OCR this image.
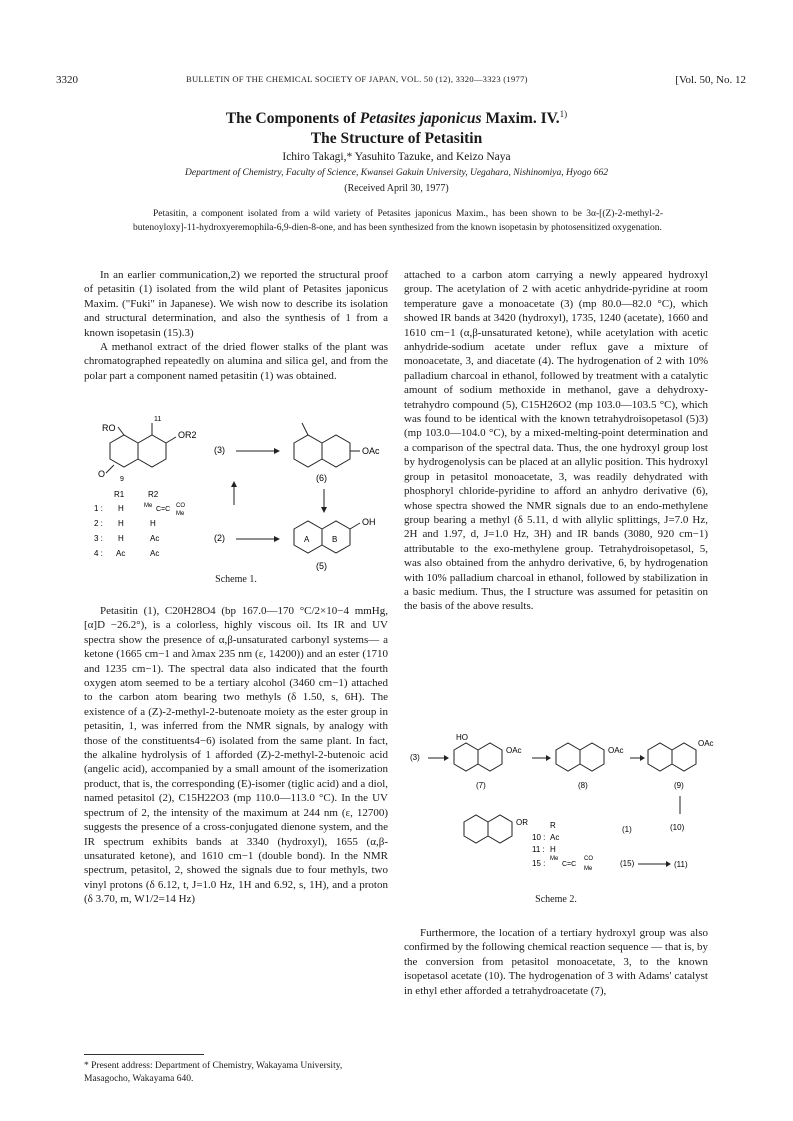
3320	BULLETIN OF THE CHEMICAL SOCIETY OF JAPAN, VOL. 50 (12), 3320—3323 (1977)	[Vol. 50, No. 12
The Components of Petasites japonicus Maxim. IV.$^{1)}$
The Structure of Petasitin
Ichiro Takagi,* Yasuhito Tazuke, and Keizo Naya
Department of Chemistry, Faculty of Science, Kwansei Gakuin University, Uegahara, Nishinomiya, Hyogo 662
(Received April 30, 1977)
Petasitin, a component isolated from a wild variety of Petasites japonicus Maxim., has been shown to be 3α-[(Z)-2-methyl-2-butenoyloxy]-11-hydroxyeremophila-6,9-dien-8-one, and has been synthesized from the known isopetasin by photosensitized oxygenation.

In an earlier communication,2) we reported the structural proof of petasitin (1) isolated from the wild plant of Petasites japonicus Maxim. ("Fuki" in Japanese). We wish now to describe its isolation and structural determination, and also the synthesis of 1 from a known isopetasin (15).3)

A methanol extract of the dried flower stalks of the plant was chromatographed repeatedly on alumina and silica gel, and from the polar part a component named petasitin (1) was obtained.

RO
OR2
O
11
9
(3)	OAc
(6)
OH
A	B
(5)
(2)
R1	R2
1 : H	Me C=C CO
Me
2 : H	H
3 : H	Ac
4 : Ac	Ac
Scheme 1.

Petasitin (1), C20H28O4 (bp 167.0—170 °C/2×10−4 mmHg, [α]D −26.2°), is a colorless, highly viscous oil. Its IR and UV spectra show the presence of α,β-unsaturated carbonyl systems— a ketone (1665 cm−1 and λmax 235 nm (ε, 14200)) and an ester (1710 and 1235 cm−1). The spectral data also indicated that the fourth oxygen atom seemed to be a tertiary alcohol (3460 cm−1) attached to the carbon atom bearing two methyls (δ 1.50, s, 6H). The existence of a (Z)-2-methyl-2-butenoate moiety as the ester group in petasitin, 1, was inferred from the NMR signals, by analogy with those of the constituents4−6) isolated from the same plant. In fact, the alkaline hydrolysis of 1 afforded (Z)-2-methyl-2-butenoic acid (angelic acid), accompanied by a small amount of the isomerization product, that is, the corresponding (E)-isomer (tiglic acid) and a diol, named petasitol (2), C15H22O3 (mp 110.0—113.0 °C). In the UV spectrum of 2, the intensity of the maximum at 244 nm (ε, 12700) suggests the presence of a cross-conjugated dienone system, and the IR spectrum exhibits bands at 3340 (hydroxyl), 1655 (α,β-unsaturated ketone), and 1610 cm−1 (double bond). In the NMR spectrum, petasitol, 2, showed the signals due to four methyls, two vinyl protons (δ 6.12, t, J=1.0 Hz, 1H and 6.92, s, 1H), and a proton (δ 3.70, m, W1/2=14 Hz)

* Present address: Department of Chemistry, Wakayama University, Masagocho, Wakayama 640.

attached to a carbon atom carrying a newly appeared hydroxyl group. The acetylation of 2 with acetic anhydride-pyridine at room temperature gave a monoacetate (3) (mp 80.0—82.0 °C), which showed IR bands at 3420 (hydroxyl), 1735, 1240 (acetate), 1660 and 1610 cm−1 (α,β-unsaturated ketone), while acetylation with acetic anhydride-sodium acetate under reflux gave a mixture of monoacetate, 3, and diacetate (4). The hydrogenation of 2 with 10% palladium charcoal in ethanol, followed by treatment with a catalytic amount of sodium methoxide in methanol, gave a dehydroxy-tetrahydro compound (5), C15H26O2 (mp 103.0—103.5 °C), which was found to be identical with the known tetrahydroisopetasol (5)3) (mp 103.0—104.0 °C), by a mixed-melting-point determination and a comparison of the spectral data. Thus, the one hydroxyl group lost by hydrogenolysis can be placed at an allylic position. This hydroxyl group in petasitol monoacetate, 3, was readily dehydrated with phosphoryl chloride-pyridine to afford an anhydro derivative (6), whose spectra showed the NMR signals due to an endo-methylene group bearing a methyl (δ 5.11, d with allylic splittings, J=7.0 Hz, 2H and 1.97, d, J=1.0 Hz, 3H) and IR bands (3080, 920 cm−1) attributable to the exo-methylene group. Tetrahydroisopetasol, 5, was also obtained from the anhydro derivative, 6, by hydrogenation with 10% palladium charcoal in ethanol, followed by stabilization in a basic medium. Thus, the I structure was assumed for petasitin on the basis of the above results.

(3)
HO
OAc
(7)
OAc
(8)
OAc
(9)
OR	R
10 : Ac
11 : H
15 : Me
C=C
CO
Me
(1)	(10)
(15)	(11)
Scheme 2.

Furthermore, the location of a tertiary hydroxyl group was also confirmed by the following chemical reaction sequence — that is, by the conversion from petasitol monoacetate, 3, to the known isopetasol acetate (10). The hydrogenation of 3 with Adams' catalyst in ethyl ether afforded a tetrahydroacetate (7),
